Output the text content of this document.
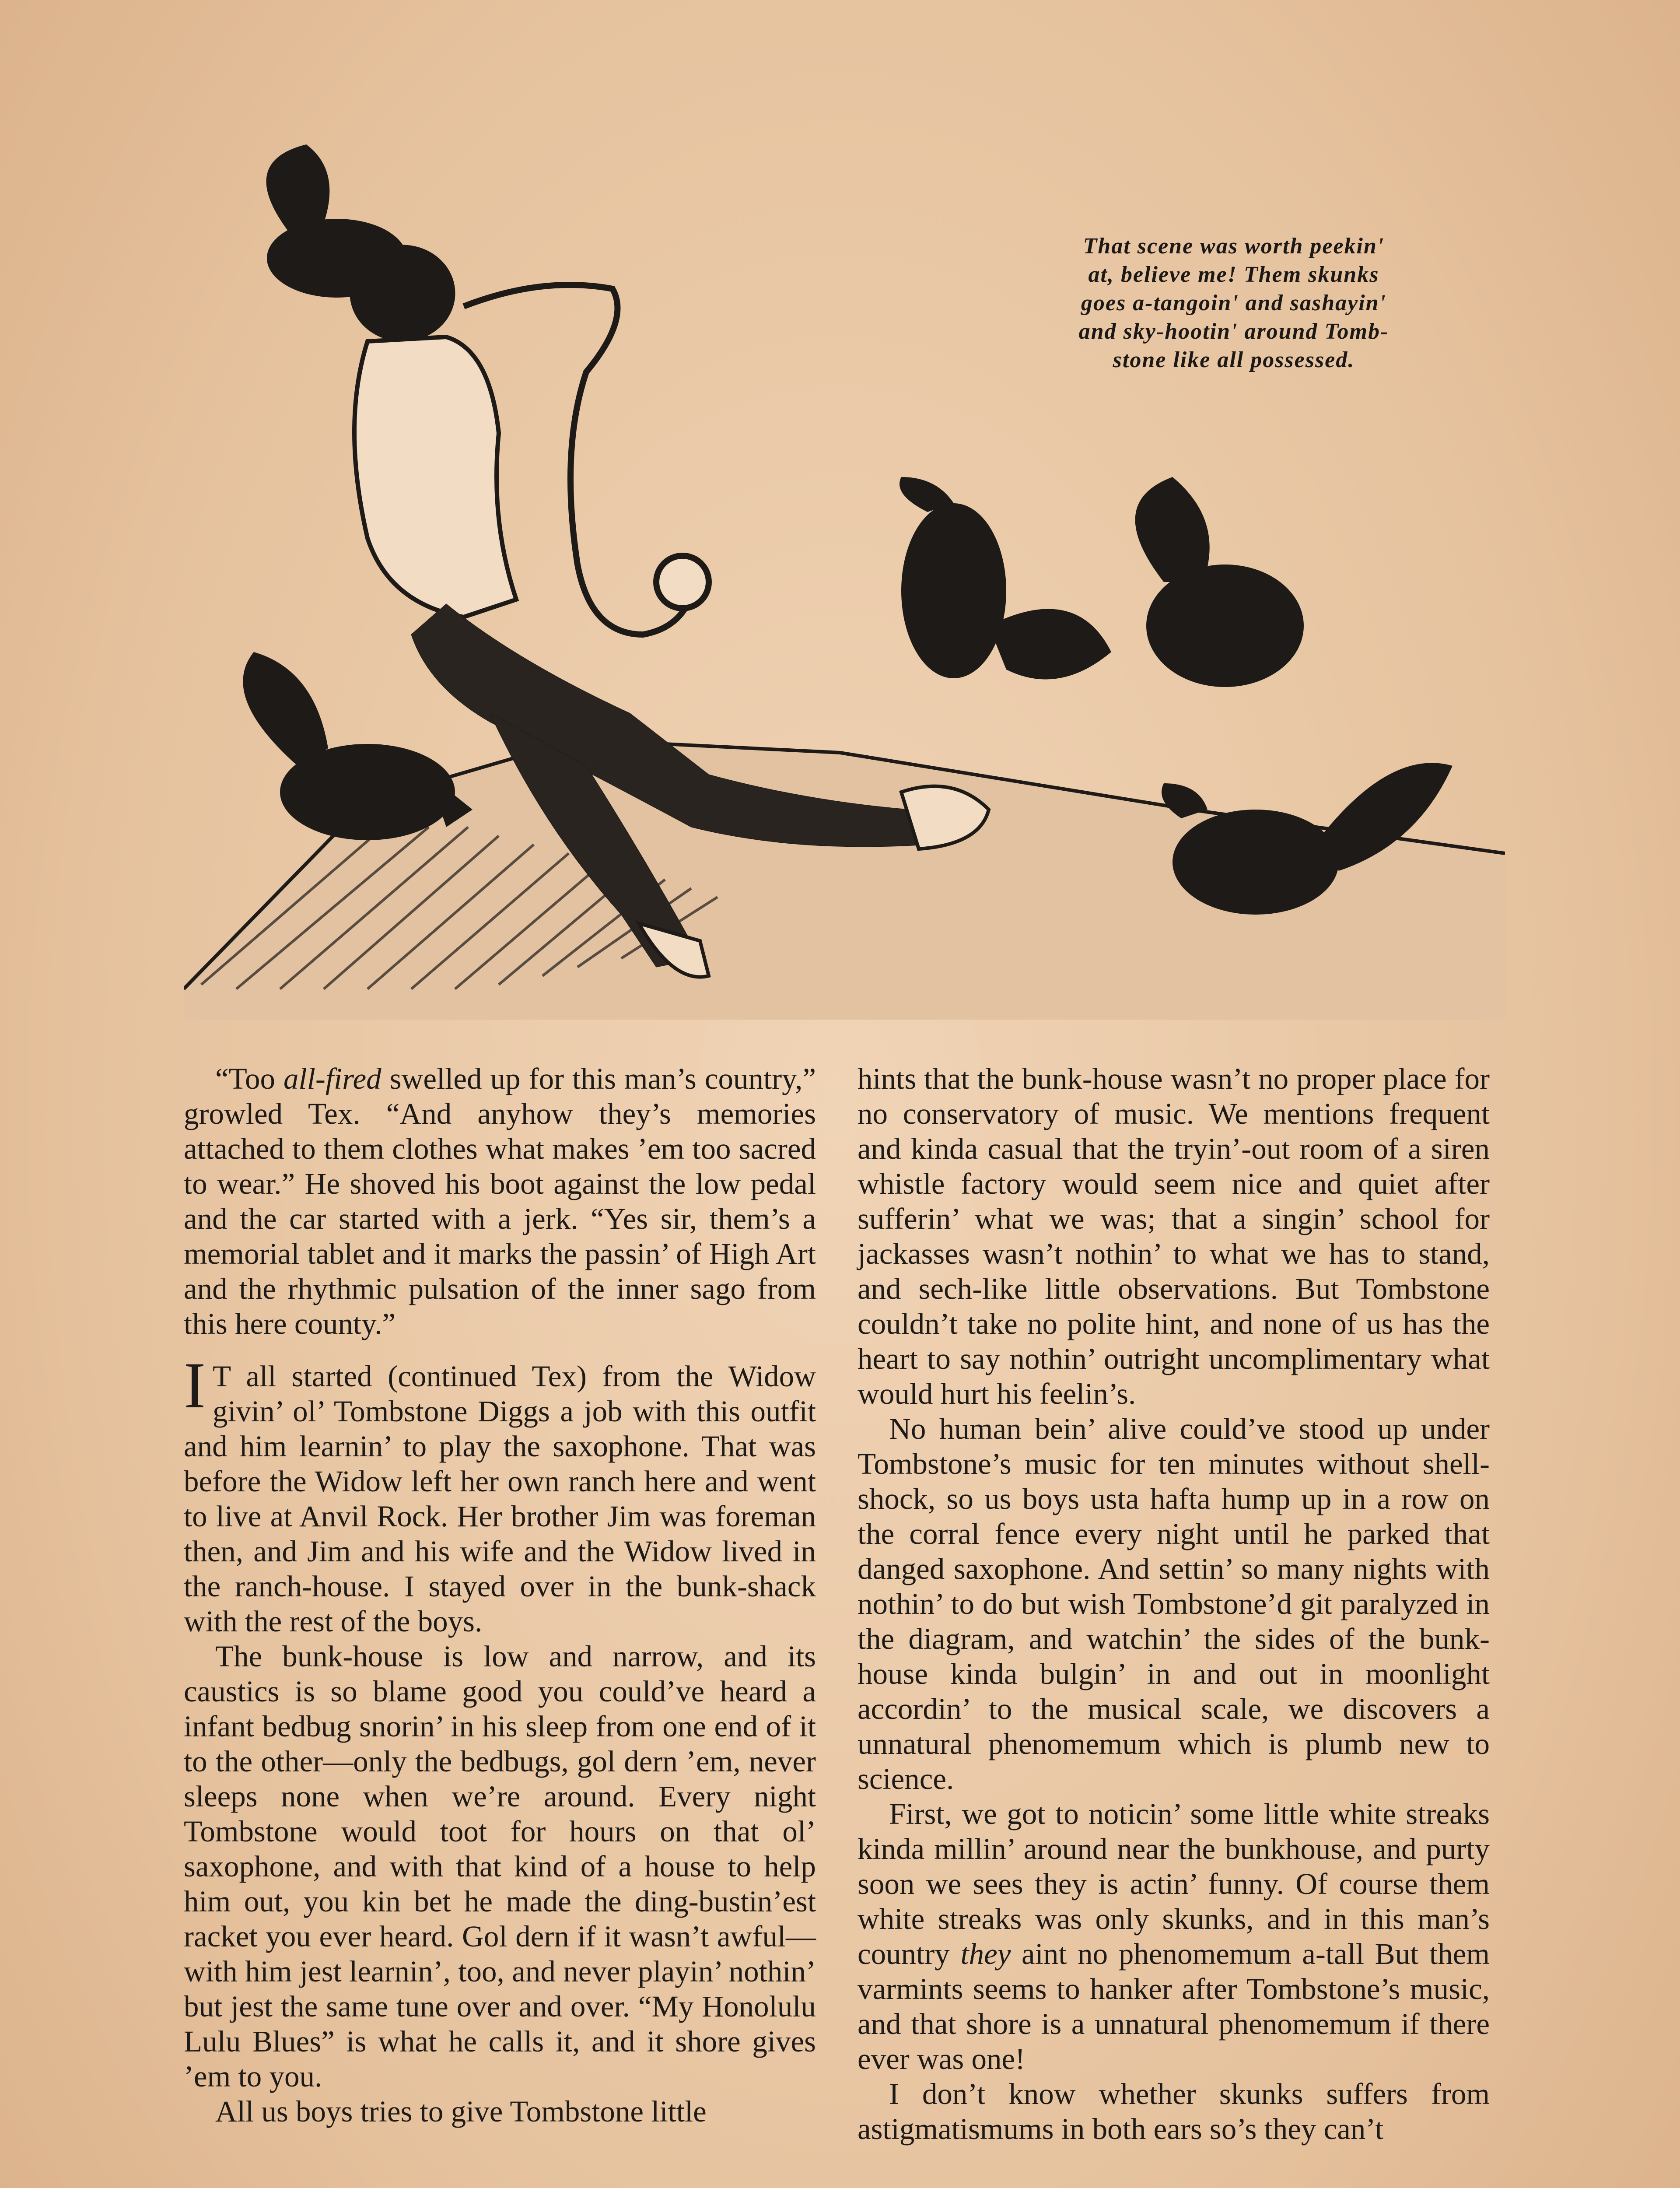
That scene was worth peekin'
at, believe me! Them skunks
goes a-tangoin' and sashayin'
and sky-hootin' around Tomb-
stone like all possessed.

“Too all-fired swelled up for this man’s country,” growled Tex. “And anyhow they’s memories attached to them clothes what makes ’em too sacred to wear.” He shoved his boot against the low pedal and the car started with a jerk. “Yes sir, them’s a memorial tablet and it marks the passin’ of High Art and the rhythmic pulsation of the inner sago from this here county.”

I T all started (continued Tex) from the Widow givin’ ol’ Tombstone Diggs a job with this outfit and him learnin’ to play the saxophone. That was before the Widow left her own ranch here and went to live at Anvil Rock. Her brother Jim was foreman then, and Jim and his wife and the Widow lived in the ranch-house. I stayed over in the bunk-shack with the rest of the boys.

The bunk-house is low and narrow, and its caustics is so blame good you could’ve heard a infant bedbug snorin’ in his sleep from one end of it to the other—only the bedbugs, gol dern ’em, never sleeps none when we’re around. Every night Tombstone would toot for hours on that ol’ saxophone, and with that kind of a house to help him out, you kin bet he made the ding-bustin’est racket you ever heard. Gol dern if it wasn’t awful—with him jest learnin’, too, and never playin’ nothin’ but jest the same tune over and over. “My Honolulu Lulu Blues” is what he calls it, and it shore gives ’em to you.

All us boys tries to give Tombstone little

hints that the bunk-house wasn’t no proper place for no conservatory of music. We mentions frequent and kinda casual that the tryin’-out room of a siren whistle factory would seem nice and quiet after sufferin’ what we was; that a singin’ school for jackasses wasn’t nothin’ to what we has to stand, and sech-like little observations. But Tombstone couldn’t take no polite hint, and none of us has the heart to say nothin’ outright uncomplimentary what would hurt his feelin’s.

No human bein’ alive could’ve stood up under Tombstone’s music for ten minutes without shell-shock, so us boys usta hafta hump up in a row on the corral fence every night until he parked that danged saxophone. And settin’ so many nights with nothin’ to do but wish Tombstone’d git paralyzed in the diagram, and watchin’ the sides of the bunk-house kinda bulgin’ in and out in moonlight accordin’ to the musical scale, we discovers a unnatural phenomemum which is plumb new to science.

First, we got to noticin’ some little white streaks kinda millin’ around near the bunkhouse, and purty soon we sees they is actin’ funny. Of course them white streaks was only skunks, and in this man’s country they aint no phenomemum a-tall But them varmints seems to hanker after Tombstone’s music, and that shore is a unnatural phenomemum if there ever was one!

I don’t know whether skunks suffers from astigmatismums in both ears so’s they can’t
